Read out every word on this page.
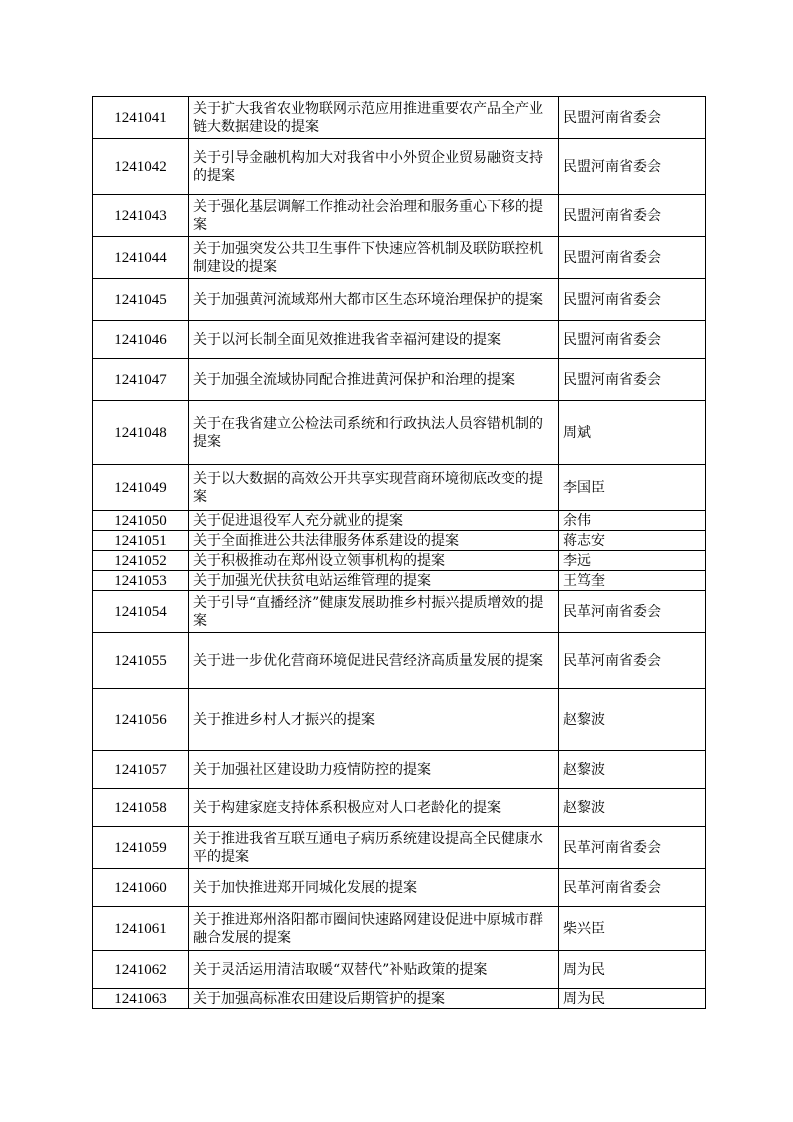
1241041	关于扩大我省农业物联网示范应用推进重要农产品全产业链大数据建设的提案	民盟河南省委会
1241042	关于引导金融机构加大对我省中小外贸企业贸易融资支持的提案	民盟河南省委会
1241043	关于强化基层调解工作推动社会治理和服务重心下移的提案	民盟河南省委会
1241044	关于加强突发公共卫生事件下快速应答机制及联防联控机制建设的提案	民盟河南省委会
1241045	关于加强黄河流域郑州大都市区生态环境治理保护的提案	民盟河南省委会
1241046	关于以河长制全面见效推进我省幸福河建设的提案	民盟河南省委会
1241047	关于加强全流域协同配合推进黄河保护和治理的提案	民盟河南省委会
1241048	关于在我省建立公检法司系统和行政执法人员容错机制的提案	周斌
1241049	关于以大数据的高效公开共享实现营商环境彻底改变的提案	李国臣
1241050	关于促进退役军人充分就业的提案	余伟
1241051	关于全面推进公共法律服务体系建设的提案	蒋志安
1241052	关于积极推动在郑州设立领事机构的提案	李远
1241053	关于加强光伏扶贫电站运维管理的提案	王笃奎
1241054	关于引导“直播经济”健康发展助推乡村振兴提质增效的提案	民革河南省委会
1241055	关于进一步优化营商环境促进民营经济高质量发展的提案	民革河南省委会
1241056	关于推进乡村人才振兴的提案	赵黎波
1241057	关于加强社区建设助力疫情防控的提案	赵黎波
1241058	关于构建家庭支持体系积极应对人口老龄化的提案	赵黎波
1241059	关于推进我省互联互通电子病历系统建设提高全民健康水平的提案	民革河南省委会
1241060	关于加快推进郑开同城化发展的提案	民革河南省委会
1241061	关于推进郑州洛阳都市圈间快速路网建设促进中原城市群融合发展的提案	柴兴臣
1241062	关于灵活运用清洁取暖“双替代”补贴政策的提案	周为民
1241063	关于加强高标准农田建设后期管护的提案	周为民
